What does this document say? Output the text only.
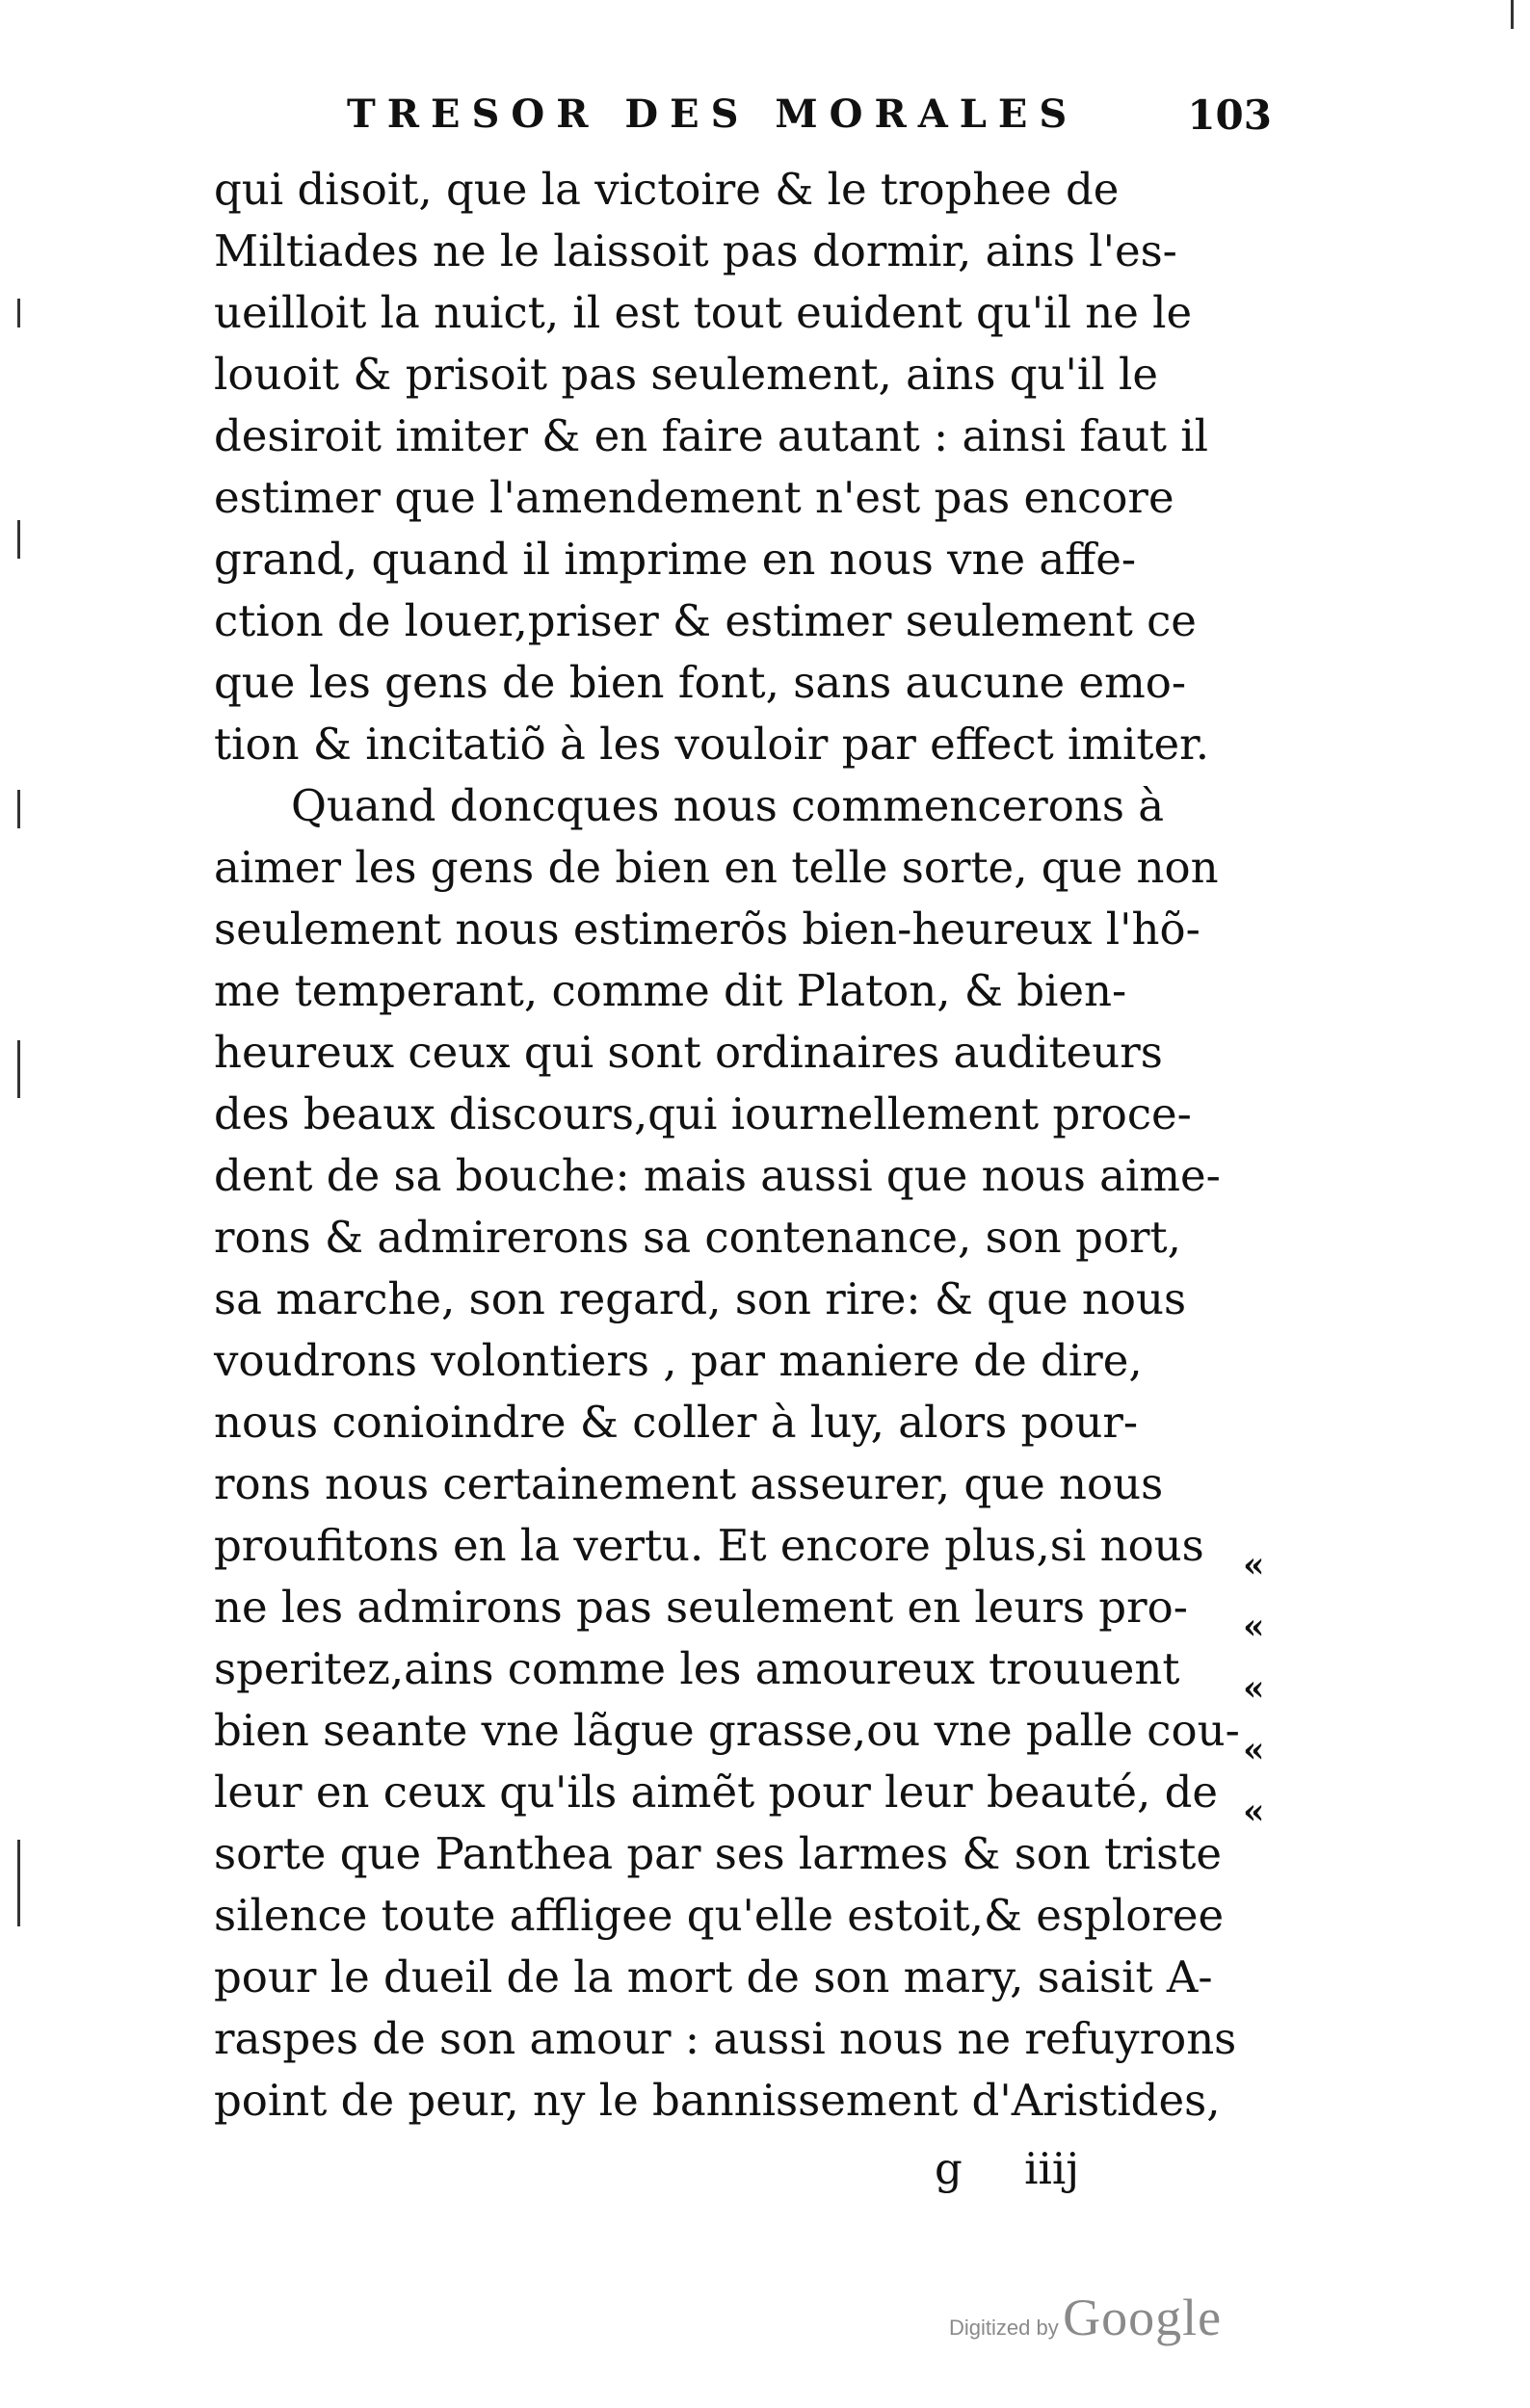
TRESOR DES MORALES	103
qui disoit, que la victoire & le trophee de
Miltiades ne le laissoit pas dormir, ains l'es-
ueilloit la nuict, il est tout euident qu'il ne le
louoit & prisoit pas seulement, ains qu'il le
desiroit imiter & en faire autant : ainsi faut il
estimer que l'amendement n'est pas encore
grand, quand il imprime en nous vne affe-
ction de louer,priser & estimer seulement ce
que les gens de bien font, sans aucune emo-
tion & incitatiõ à les vouloir par effect imiter.
Quand doncques nous commencerons à
aimer les gens de bien en telle sorte, que non
seulement nous estimerõs bien-heureux l'hõ-
me temperant, comme dit Platon, & bien-
heureux ceux qui sont ordinaires auditeurs
des beaux discours,qui iournellement proce-
dent de sa bouche: mais aussi que nous aime-
rons & admirerons sa contenance, son port,
sa marche, son regard, son rire: & que nous
voudrons volontiers , par maniere de dire,
nous conioindre & coller à luy, alors pour-
rons nous certainement asseurer, que nous
proufitons en la vertu. Et encore plus,si nous
ne les admirons pas seulement en leurs pro-
speritez,ains comme les amoureux trouuent
bien seante vne lãgue grasse,ou vne palle cou-
leur en ceux qu'ils aimẽt pour leur beauté, de
sorte que Panthea par ses larmes & son triste
silence toute affligee qu'elle estoit,& esploree
pour le dueil de la mort de son mary, saisit A-
raspes de son amour : aussi nous ne refuyrons
point de peur, ny le bannissement d'Aristides,
«
«
«
«
«
g iiij
Digitized by Google
